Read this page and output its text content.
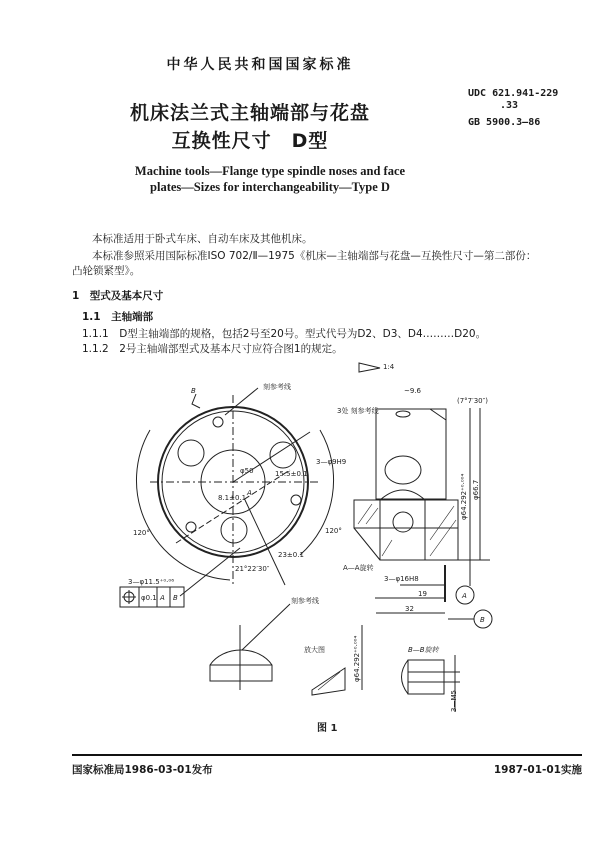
中华人民共和国国家标准
机床法兰式主轴端部与花盘
互换性尺寸　D型
UDC 621.941-229
.33
GB 5900.3—86
Machine tools—Flange type spindle noses and face
plates—Sizes for interchangeability—Type D
本标准适用于卧式车床、自动车床及其他机床。
本标准参照采用国际标准ISO 702/Ⅱ—1975《机床—主轴端部与花盘—互换性尺寸—第二部份：
凸轮锁紧型》。
1　型式及基本尺寸
1.1　主轴端部
1.1.1　D型主轴端部的规格，包括2号至20号。型式代号为D2、D3、D4………D20。
1.1.2　2号主轴端部型式及基本尺寸应符合图1的规定。
刻参考线
3处 刻参考线
B
φ50
3—φ9H9
15.5±0.1
8.1±0.1
A
120°	120°
23±0.1
21°22′30″	A—A旋转
3—φ11.5⁺⁰·⁰⁶
φ0.1 A B	刻参考线
1:4
~9.6
(7°7′30″)
φ64.292⁺⁰·⁰⁰⁴ φ66.7
3—φ16H8
19
32
A
B
放大图	φ64.292⁺⁰·⁰⁰⁴	B—B旋转
3—M5
图 1
国家标准局1986-03-01发布	1987-01-01实施
